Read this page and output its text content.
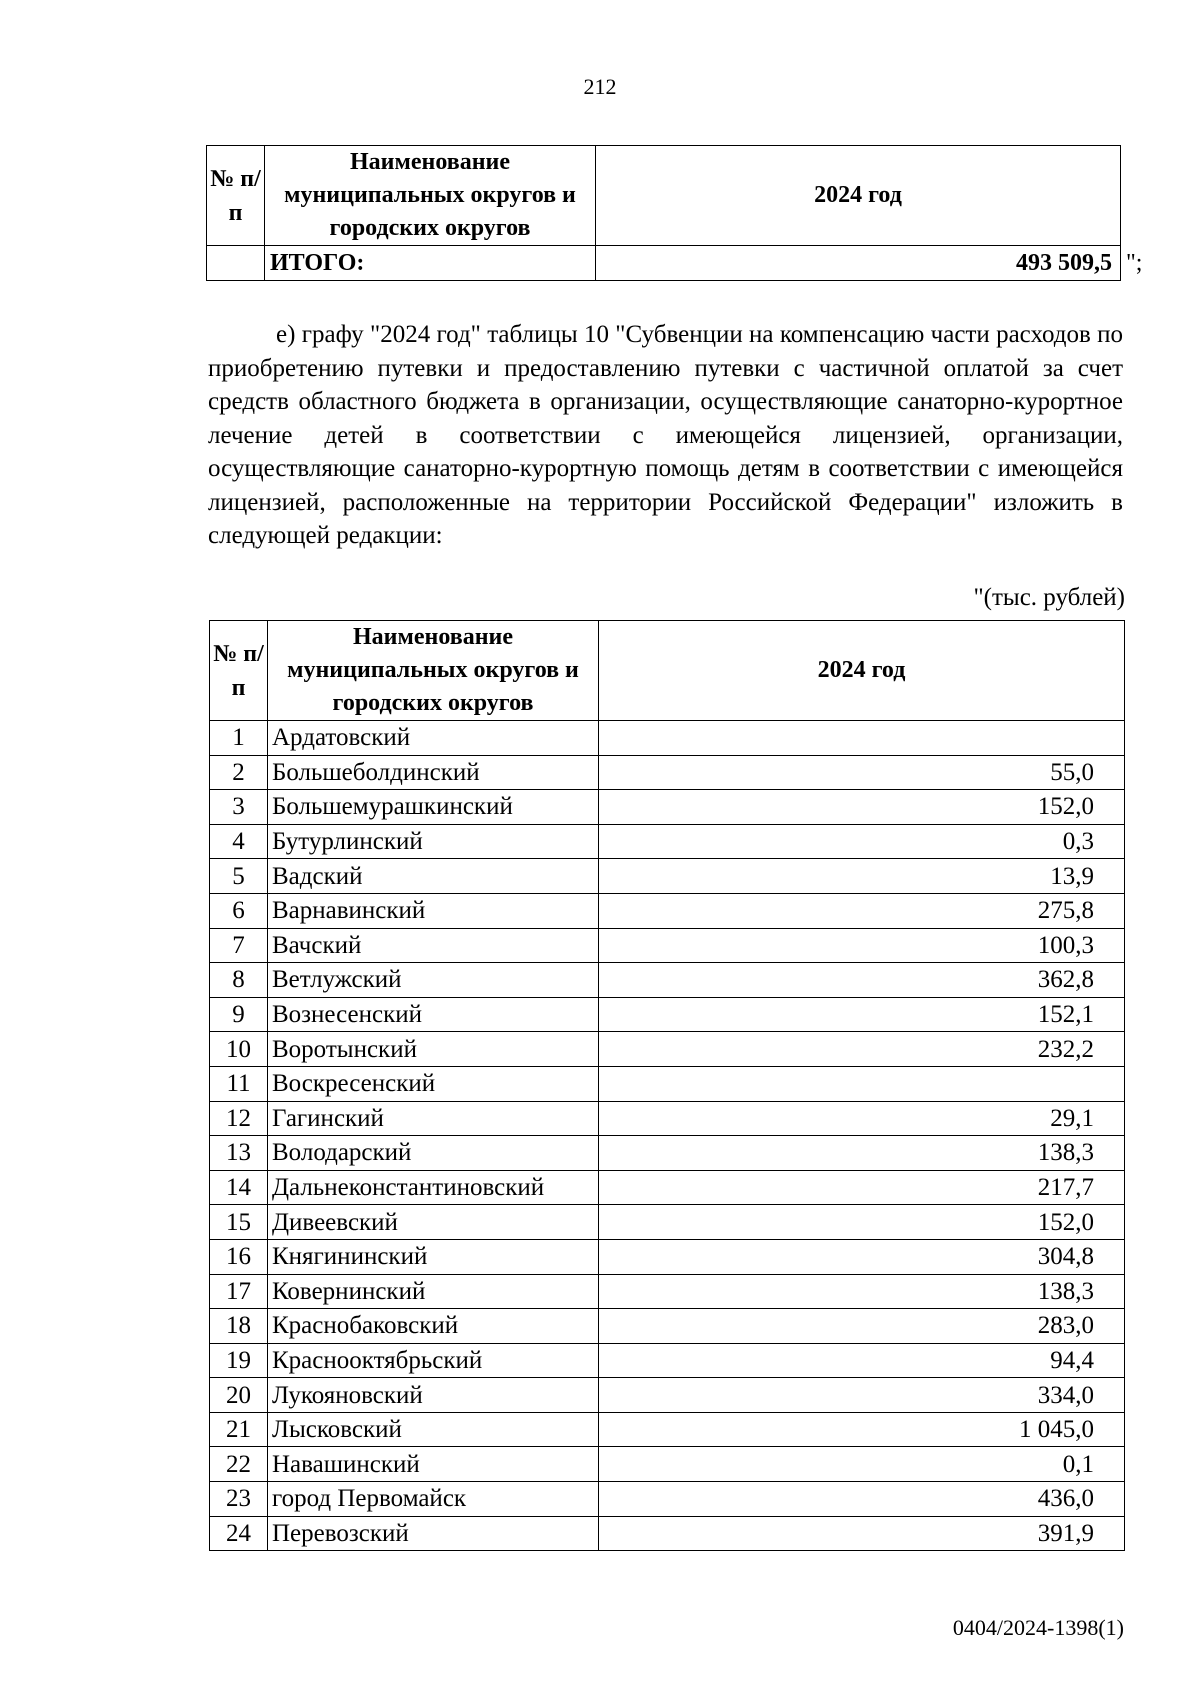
212
№ п/п	Наименование муниципальных округов и городских округов	2024 год
	ИТОГО:	493 509,5 ";
е) графу "2024 год" таблицы 10 "Субвенции на компенсацию части расходов по приобретению путевки и предоставлению путевки с частичной оплатой за счет средств областного бюджета в организации, осуществляющие санаторно-курортное лечение детей в соответствии с имеющейся лицензией, организации, осуществляющие санаторно-курортную помощь детям в соответствии с имеющейся лицензией, расположенные на территории Российской Федерации" изложить в следующей редакции:
"(тыс. рублей)
№ п/п	Наименование муниципальных округов и городских округов	2024 год
1	Ардатовский	
2	Большеболдинский	55,0
3	Большемурашкинский	152,0
4	Бутурлинский	0,3
5	Вадский	13,9
6	Варнавинский	275,8
7	Вачский	100,3
8	Ветлужский	362,8
9	Вознесенский	152,1
10	Воротынский	232,2
11	Воскресенский	
12	Гагинский	29,1
13	Володарский	138,3
14	Дальнеконстантиновский	217,7
15	Дивеевский	152,0
16	Княгининский	304,8
17	Ковернинский	138,3
18	Краснобаковский	283,0
19	Краснооктябрьский	94,4
20	Лукояновский	334,0
21	Лысковский	1 045,0
22	Навашинский	0,1
23	город Первомайск	436,0
24	Перевозский	391,9
0404/2024-1398(1)
